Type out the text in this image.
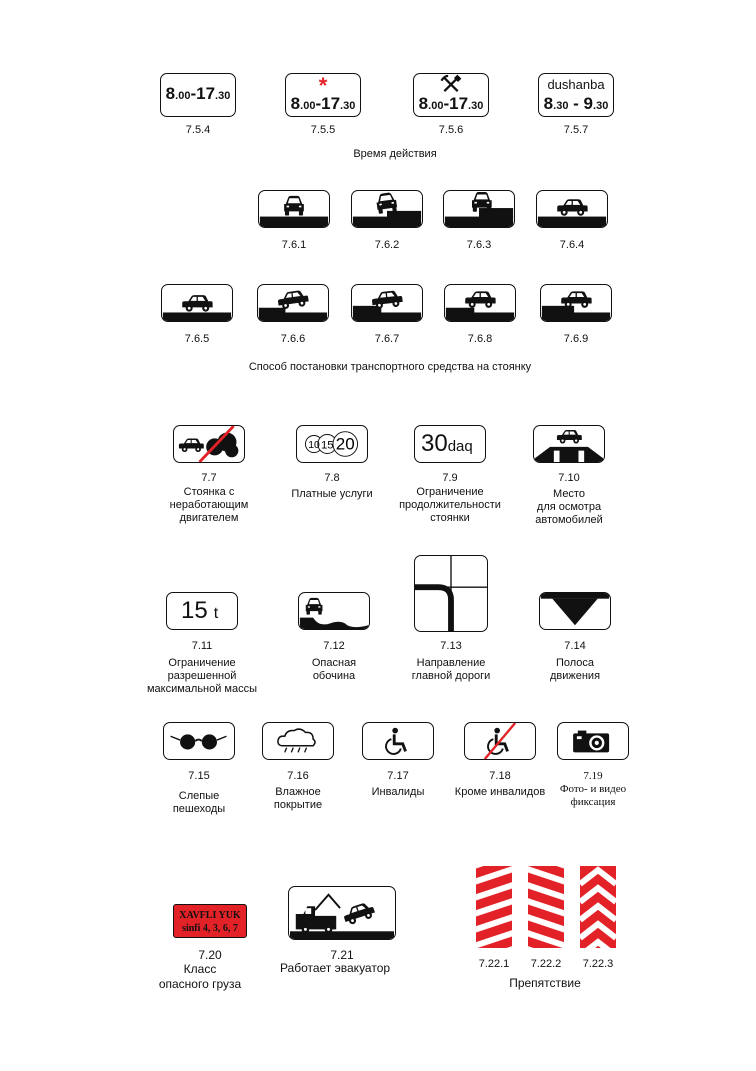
8.00-17.30
7.5.4
*
8.00-17.30
7.5.5
8.00-17.30
7.5.6
dushanba
8.30 - 9.30
7.5.7
Время действия
7.6.1	7.6.2	7.6.3	7.6.4
7.6.5	7.6.6	7.6.7	7.6.8	7.6.9
Способ постановки транспортного средства на стоянку
7.7
Стоянка с
неработающим
двигателем
10 15 20
7.8
Платные услуги
30daq
7.9
Ограничение
продолжительности
стоянки
7.10
Место
для осмотра
автомобилей
15 t
7.11
Ограничение
разрешенной
максимальной массы
7.12
Опасная
обочина
7.13
Направление
главной дороги
7.14
Полоса
движения
7.15
Слепые
пешеходы
7.16
Влажное
покрытие
7.17
Инвалиды
7.18
Кроме инвалидов
7.19
Фото- и видео
фиксация
XAVFLI YUK
sinfi 4, 3, 6, 7
7.20
Класс
опасного груза
7.21
Работает эвакуатор	7.22.1	7.22.2	7.22.3
Препятствие
